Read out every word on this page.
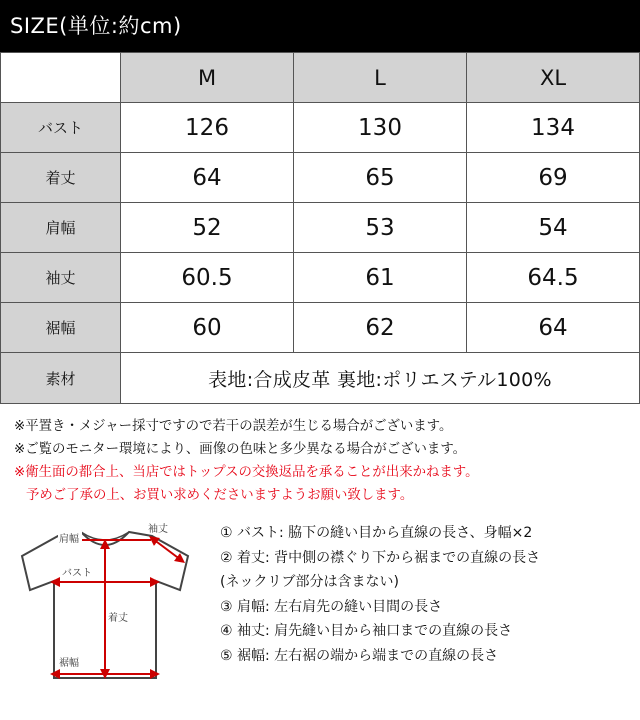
SIZE(単位:約cm)
	M	L	XL
バスト	126	130	134
着丈	64	65	69
肩幅	52	53	54
袖丈	60.5	61	64.5
裾幅	60	62	64
素材	表地:合成皮革 裏地:ポリエステル100%		
※平置き・メジャー採寸ですので若干の誤差が生じる場合がございます。
※ご覧のモニター環境により、画像の色味と多少異なる場合がございます。
※衛生面の都合上、当店ではトップスの交換返品を承ることが出来かねます。
予めご了承の上、お買い求めくださいますようお願い致します。
肩幅
袖丈
バスト
着丈
裾幅
① バスト: 脇下の縫い目から直線の長さ、身幅×2
② 着丈: 背中側の襟ぐり下から裾までの直線の長さ
(ネックリブ部分は含まない)
③ 肩幅: 左右肩先の縫い目間の長さ
④ 袖丈: 肩先縫い目から袖口までの直線の長さ
⑤ 裾幅: 左右裾の端から端までの直線の長さ
